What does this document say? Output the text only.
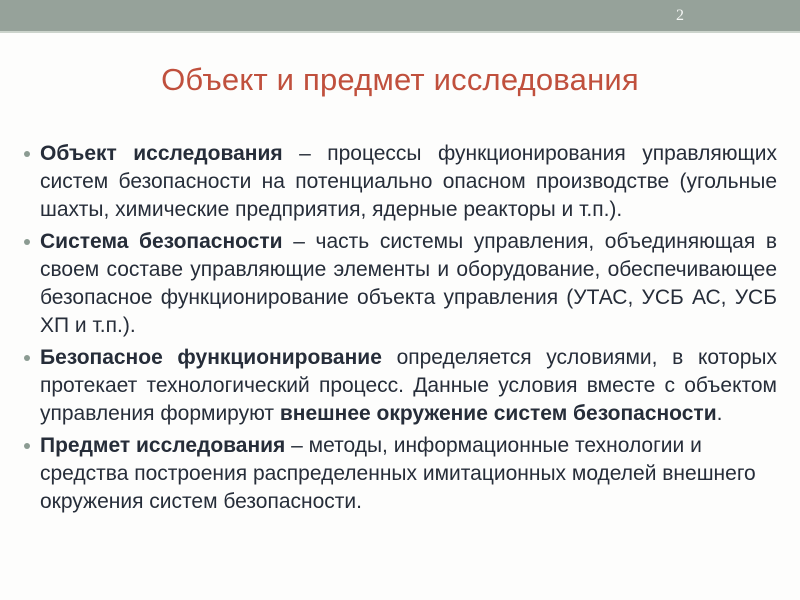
2
Объект и предмет исследования
Объект исследования – процессы функционирования управляющих систем безопасности на потенциально опасном производстве (угольные шахты, химические предприятия, ядерные реакторы и т.п.).
Система безопасности – часть системы управления, объединяющая в своем составе управляющие элементы и оборудование, обеспечивающее безопасное функционирование объекта управления (УТАС, УСБ АС, УСБ ХП и т.п.).
Безопасное функционирование определяется условиями, в которых протекает технологический процесс. Данные условия вместе с объектом управления формируют внешнее окружение систем безопасности.
Предмет исследования – методы, информационные технологии и средства построения распределенных имитационных моделей внешнего окружения систем безопасности.
